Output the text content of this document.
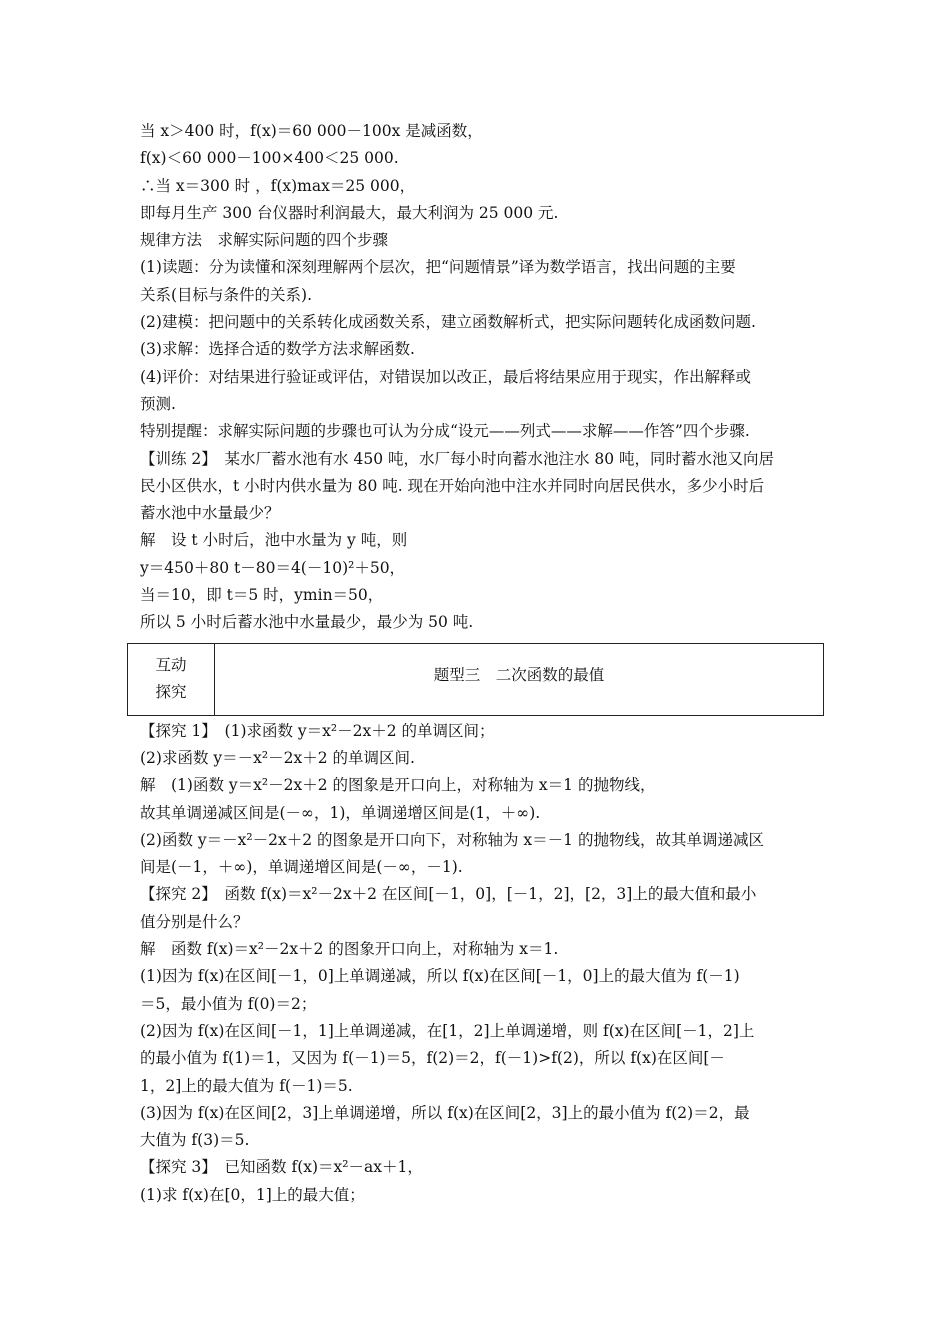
当 x＞400 时，f(x)＝60 000－100x 是减函数，
f(x)＜60 000－100×400＜25 000.
∴当 x＝300 时 ，f(x)max＝25 000，
即每月生产 300 台仪器时利润最大，最大利润为 25 000 元.
规律方法　求解实际问题的四个步骤
(1)读题：分为读懂和深刻理解两个层次，把“问题情景”译为数学语言，找出问题的主要
关系(目标与条件的关系).
(2)建模：把问题中的关系转化成函数关系，建立函数解析式，把实际问题转化成函数问题.
(3)求解：选择合适的数学方法求解函数.
(4)评价：对结果进行验证或评估，对错误加以改正，最后将结果应用于现实，作出解释或
预测.
特别提醒：求解实际问题的步骤也可认为分成“设元——列式——求解——作答”四个步骤.
【训练 2】　某水厂蓄水池有水 450 吨，水厂每小时向蓄水池注水 80 吨，同时蓄水池又向居
民小区供水，t 小时内供水量为 80 吨. 现在开始向池中注水并同时向居民供水，多少小时后
蓄水池中水量最少？
解　设 t 小时后，池中水量为 y 吨，则
y＝450＋80 t－80＝4(－10)²＋50，
当＝10，即 t＝5 时，ymin＝50，
所以 5 小时后蓄水池中水量最少，最少为 50 吨.
互动
探究
题型三　二次函数的最值
【探究 1】　(1)求函数 y＝x²－2x＋2 的单调区间；
(2)求函数 y＝－x²－2x＋2 的单调区间.
解　(1)函数 y＝x²－2x＋2 的图象是开口向上，对称轴为 x＝1 的抛物线，
故其单调递减区间是(－∞，1)，单调递增区间是(1，＋∞).
(2)函数 y＝－x²－2x＋2 的图象是开口向下，对称轴为 x＝－1 的抛物线，故其单调递减区
间是(－1，＋∞)，单调递增区间是(－∞，－1).
【探究 2】　函数 f(x)＝x²－2x＋2 在区间[－1，0]，[－1，2]，[2，3]上的最大值和最小
值分别是什么？
解　函数 f(x)＝x²－2x＋2 的图象开口向上，对称轴为 x＝1.
(1)因为 f(x)在区间[－1，0]上单调递减，所以 f(x)在区间[－1，0]上的最大值为 f(－1)
＝5，最小值为 f(0)＝2；
(2)因为 f(x)在区间[－1，1]上单调递减，在[1，2]上单调递增，则 f(x)在区间[－1，2]上
的最小值为 f(1)＝1，又因为 f(－1)＝5，f(2)＝2，f(－1)>f(2)，所以 f(x)在区间[－
1，2]上的最大值为 f(－1)＝5.
(3)因为 f(x)在区间[2，3]上单调递增，所以 f(x)在区间[2，3]上的最小值为 f(2)＝2，最
大值为 f(3)＝5.
【探究 3】　已知函数 f(x)＝x²－ax＋1，
(1)求 f(x)在[0，1]上的最大值；
